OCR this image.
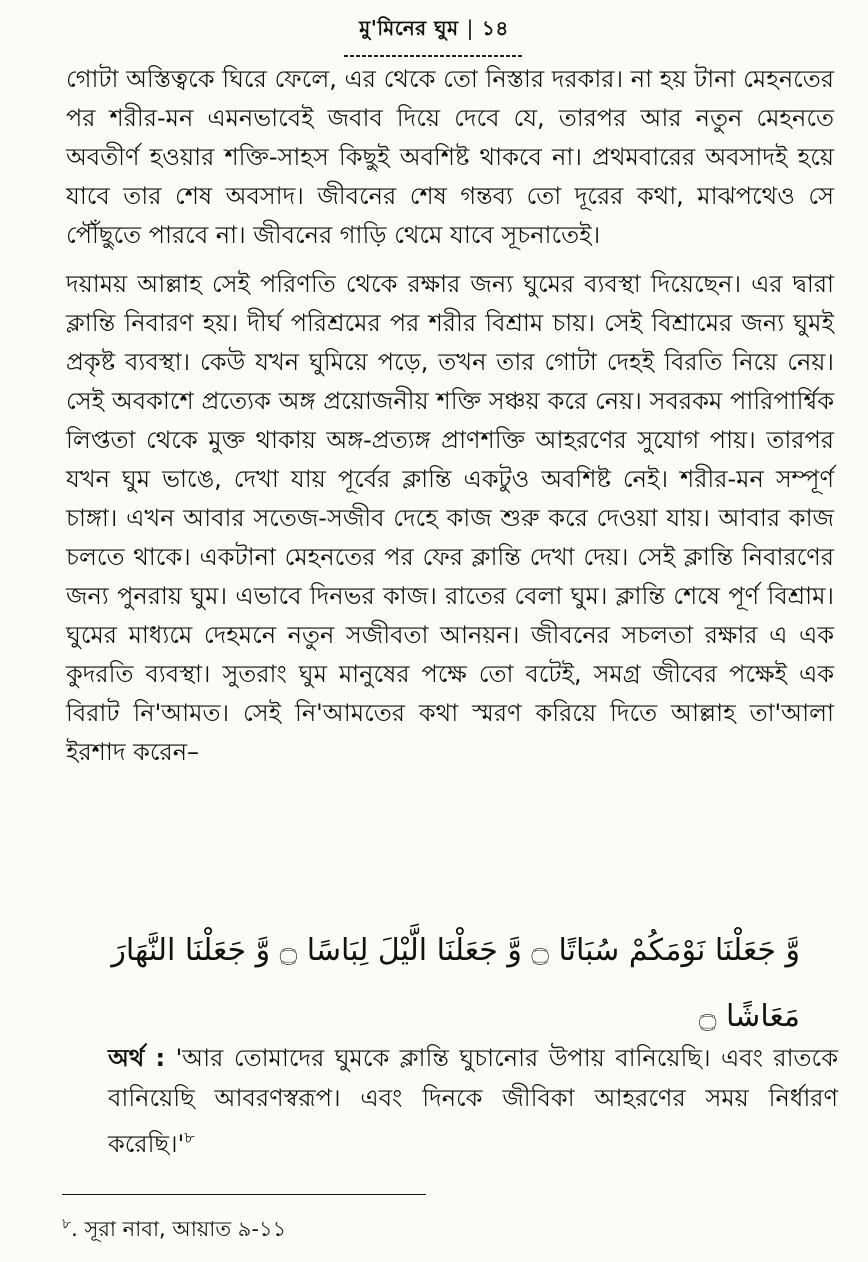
মু'মিনের ঘুম | ১৪

গোটা অস্তিত্বকে ঘিরে ফেলে, এর থেকে তো নিস্তার দরকার। না হয় টানা মেহনতের পর শরীর-মন এমনভাবেই জবাব দিয়ে দেবে যে, তারপর আর নতুন মেহনতে অবতীর্ণ হওয়ার শক্তি-সাহস কিছুই অবশিষ্ট থাকবে না। প্রথমবারের অবসাদই হয়ে যাবে তার শেষ অবসাদ। জীবনের শেষ গন্তব্য তো দূরের কথা, মাঝপথেও সে পৌঁছুতে পারবে না। জীবনের গাড়ি থেমে যাবে সূচনাতেই।

দয়াময় আল্লাহ সেই পরিণতি থেকে রক্ষার জন্য ঘুমের ব্যবস্থা দিয়েছেন। এর দ্বারা ক্লান্তি নিবারণ হয়। দীর্ঘ পরিশ্রমের পর শরীর বিশ্রাম চায়। সেই বিশ্রামের জন্য ঘুমই প্রকৃষ্ট ব্যবস্থা। কেউ যখন ঘুমিয়ে পড়ে, তখন তার গোটা দেহই বিরতি নিয়ে নেয়। সেই অবকাশে প্রত্যেক অঙ্গ প্রয়োজনীয় শক্তি সঞ্চয় করে নেয়। সবরকম পারিপার্শ্বিক লিপ্ততা থেকে মুক্ত থাকায় অঙ্গ-প্রত্যঙ্গ প্রাণশক্তি আহরণের সুযোগ পায়। তারপর যখন ঘুম ভাঙে, দেখা যায় পূর্বের ক্লান্তি একটুও অবশিষ্ট নেই। শরীর-মন সম্পূর্ণ চাঙ্গা। এখন আবার সতেজ-সজীব দেহে কাজ শুরু করে দেওয়া যায়। আবার কাজ চলতে থাকে। একটানা মেহনতের পর ফের ক্লান্তি দেখা দেয়। সেই ক্লান্তি নিবারণের জন্য পুনরায় ঘুম। এভাবে দিনভর কাজ। রাতের বেলা ঘুম। ক্লান্তি শেষে পূর্ণ বিশ্রাম। ঘুমের মাধ্যমে দেহমনে নতুন সজীবতা আনয়ন। জীবনের সচলতা রক্ষার এ এক কুদরতি ব্যবস্থা। সুতরাং ঘুম মানুষের পক্ষে তো বটেই, সমগ্র জীবের পক্ষেই এক বিরাট নি'আমত। সেই নি'আমতের কথা স্মরণ করিয়ে দিতে আল্লাহ তা'আলা ইরশাদ করেন–

وَّ جَعَلْنَا نَوْمَكُمْ سُبَاتًا ۝ وَّ جَعَلْنَا الَّيْلَ لِبَاسًا ۝ وَّ جَعَلْنَا النَّهَارَ مَعَاشًا ۝
অর্থ : 'আর তোমাদের ঘুমকে ক্লান্তি ঘুচানোর উপায় বানিয়েছি। এবং রাতকে বানিয়েছি আবরণস্বরূপ। এবং দিনকে জীবিকা আহরণের সময় নির্ধারণ $করেছি।'^৮$
$^৮$. সূরা নাবা, আয়াত ৯-১১
